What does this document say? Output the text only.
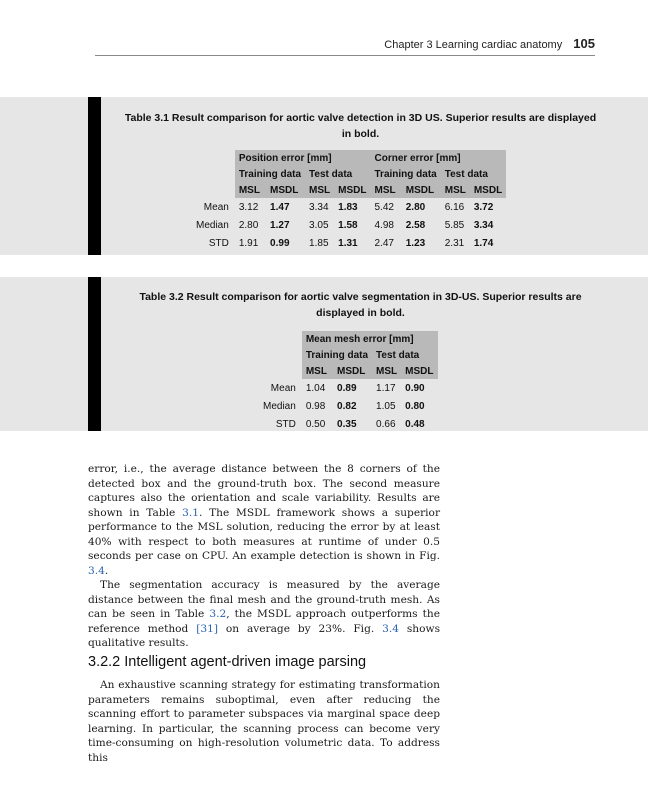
Chapter 3 Learning cardiac anatomy 105
Table 3.1 Result comparison for aortic valve detection in 3D US. Superior results are displayed
in bold.
	Position error [mm]				Corner error [mm]			
	Training data		Test data		Training data		Test data	
	MSL	MSDL	MSL	MSDL	MSL	MSDL	MSL	MSDL
Mean	3.12	1.47	3.34	1.83	5.42	2.80	6.16	3.72
Median	2.80	1.27	3.05	1.58	4.98	2.58	5.85	3.34
STD	1.91	0.99	1.85	1.31	2.47	1.23	2.31	1.74
Table 3.2 Result comparison for aortic valve segmentation in 3D-US. Superior results are
displayed in bold.
	Mean mesh error [mm]			
	Training data		Test data	
	MSL	MSDL	MSL	MSDL
Mean	1.04	0.89	1.17	0.90
Median	0.98	0.82	1.05	0.80
STD	0.50	0.35	0.66	0.48

error, i.e., the average distance between the 8 corners of the detected box and the ground-truth box. The second measure captures also the orientation and scale variability. Results are shown in Table 3.1. The MSDL framework shows a superior performance to the MSL solution, reducing the error by at least 40% with respect to both measures at runtime of under 0.5 seconds per case on CPU. An example detection is shown in Fig. 3.4.

The segmentation accuracy is measured by the average distance between the final mesh and the ground-truth mesh. As can be seen in Table 3.2, the MSDL approach outperforms the reference method [31] on average by 23%. Fig. 3.4 shows qualitative results.

3.2.2 Intelligent agent-driven image parsing

An exhaustive scanning strategy for estimating transformation parameters remains suboptimal, even after reducing the scanning effort to parameter subspaces via marginal space deep learning. In particular, the scanning process can become very time-consuming on high-resolution volumetric data. To address this
